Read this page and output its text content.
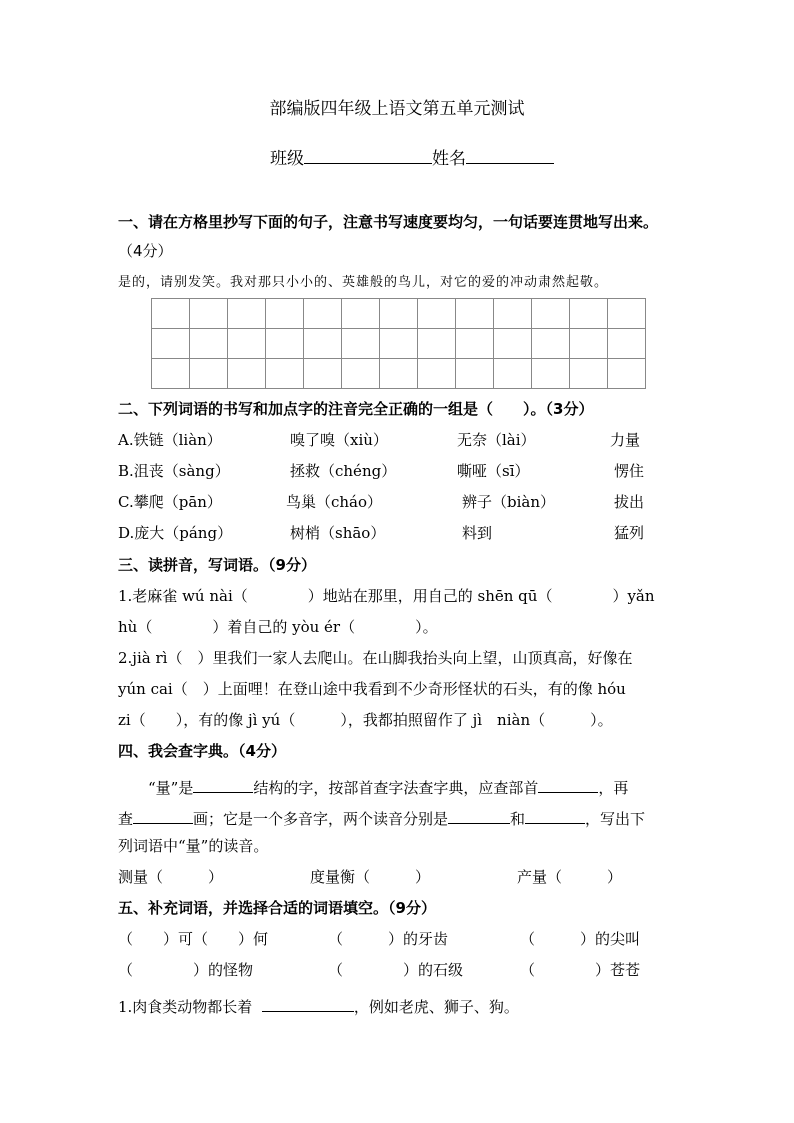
部编版四年级上语文第五单元测试
班级	姓名
一、请在方格里抄写下面的句子，注意书写速度要均匀，一句话要连贯地写出来。
（4分）
是的，请别发笑。我对那只小小的、英雄般的鸟儿，对它的爱的冲动肃然起敬。

二、下列词语的书写和加点字的注音完全正确的一组是（　　）。（3分）
A.铁链（liàn）	嗅了嗅（xiù）	无奈（lài）	力量
B.沮丧（sàng）	拯救（chéng）	嘶哑（sī）	愣住
C.攀爬（pān）	鸟巢（cháo）	辨子（biàn）	拔出
D.庞大（páng）	树梢（shāo）	料到	猛列
三、读拼音，写词语。（9分）
1.老麻雀 wú nài（　　　　）地站在那里，用自己的 shēn qū（　　　　）yǎn
hù（　　　　）着自己的 yòu ér（　　　　）。
2.jià rì（　）里我们一家人去爬山。在山脚我抬头向上望，山顶真高，好像在
yún cai（　）上面哩！在登山途中我看到不少奇形怪状的石头，有的像 hóu
zi（　　），有的像 jì yú（　　　），我都拍照留作了 jì　niàn（　　　）。
四、我会查字典。（4分）
“量”是	结构的字，按部首查字法查字典，应查部首	，再
查	画；它是一个多音字，两个读音分别是	和	，写出下
列词语中“量”的读音。
测量（　　　）	度量衡（　　　）	产量（　　　）
五、补充词语，并选择合适的词语填空。（9分）
（　　）可（　　）何	（　　　）的牙齿	（　　　）的尖叫
（　　　　）的怪物	（　　　　）的石级	（　　　　）苍苍
1.肉食类动物都长着	，例如老虎、狮子、狗。
